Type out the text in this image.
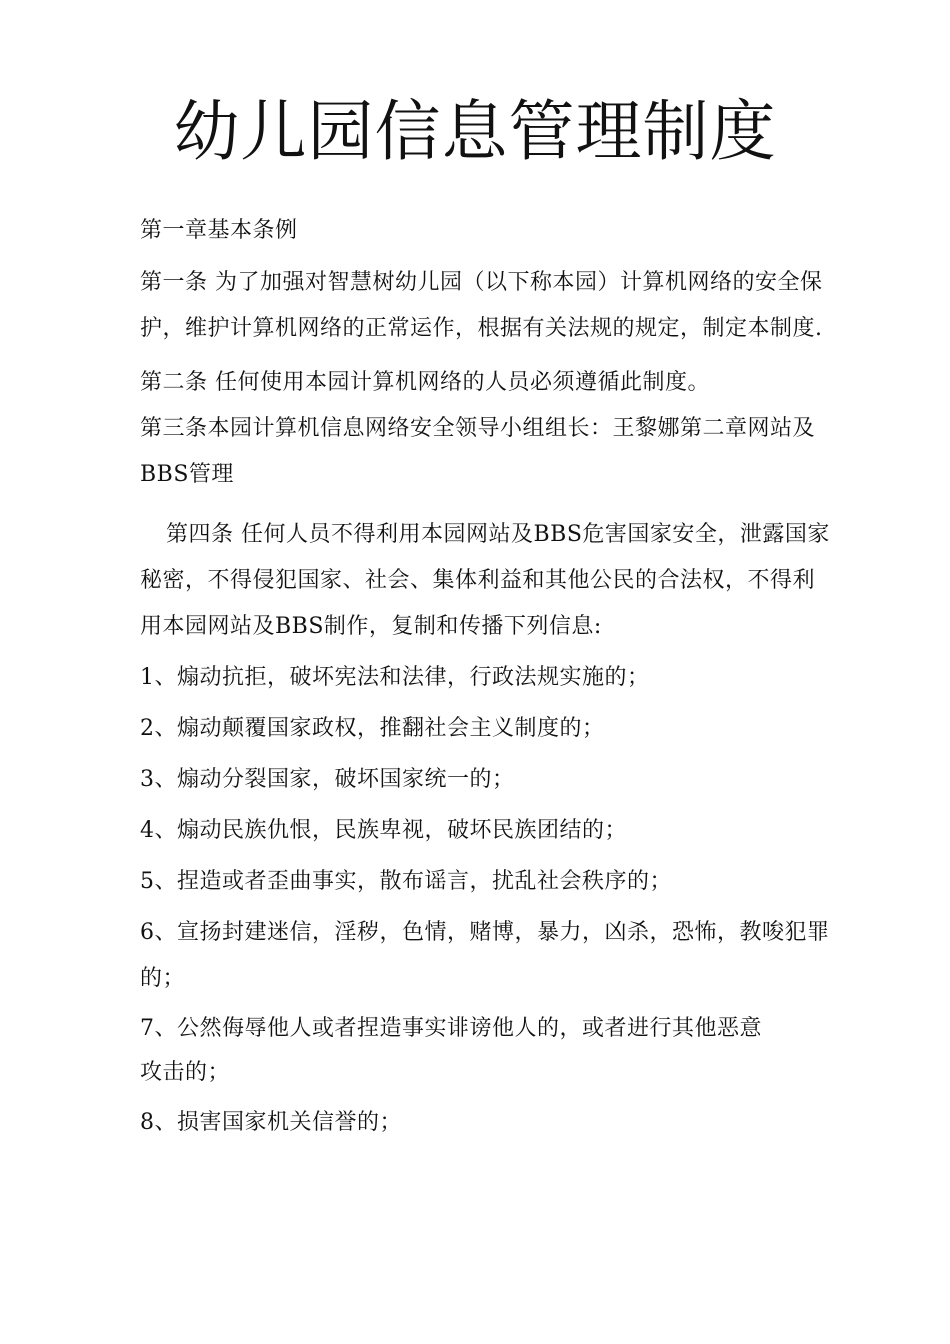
幼儿园信息管理制度

第一章基本条例

第一条 为了加强对智慧树幼儿园（以下称本园）计算机网络的安全保护，维护计算机网络的正常运作，根据有关法规的规定，制定本制度.

第二条 任何使用本园计算机网络的人员必须遵循此制度。

第三条本园计算机信息网络安全领导小组组长：王黎娜第二章网站及BBS管理

第四条 任何人员不得利用本园网站及BBS危害国家安全，泄露国家秘密，不得侵犯国家、社会、集体利益和其他公民的合法权，不得利用本园网站及BBS制作，复制和传播下列信息:

1、煽动抗拒，破坏宪法和法律，行政法规实施的；

2、煽动颠覆国家政权，推翻社会主义制度的；

3、煽动分裂国家，破坏国家统一的；

4、煽动民族仇恨，民族卑视，破坏民族团结的；

5、捏造或者歪曲事实，散布谣言，扰乱社会秩序的；

6、宣扬封建迷信，淫秽，色情，赌博，暴力，凶杀，恐怖，教唆犯罪的；

7、公然侮辱他人或者捏造事实诽谤他人的，或者进行其他恶意
攻击的；

8、损害国家机关信誉的；
